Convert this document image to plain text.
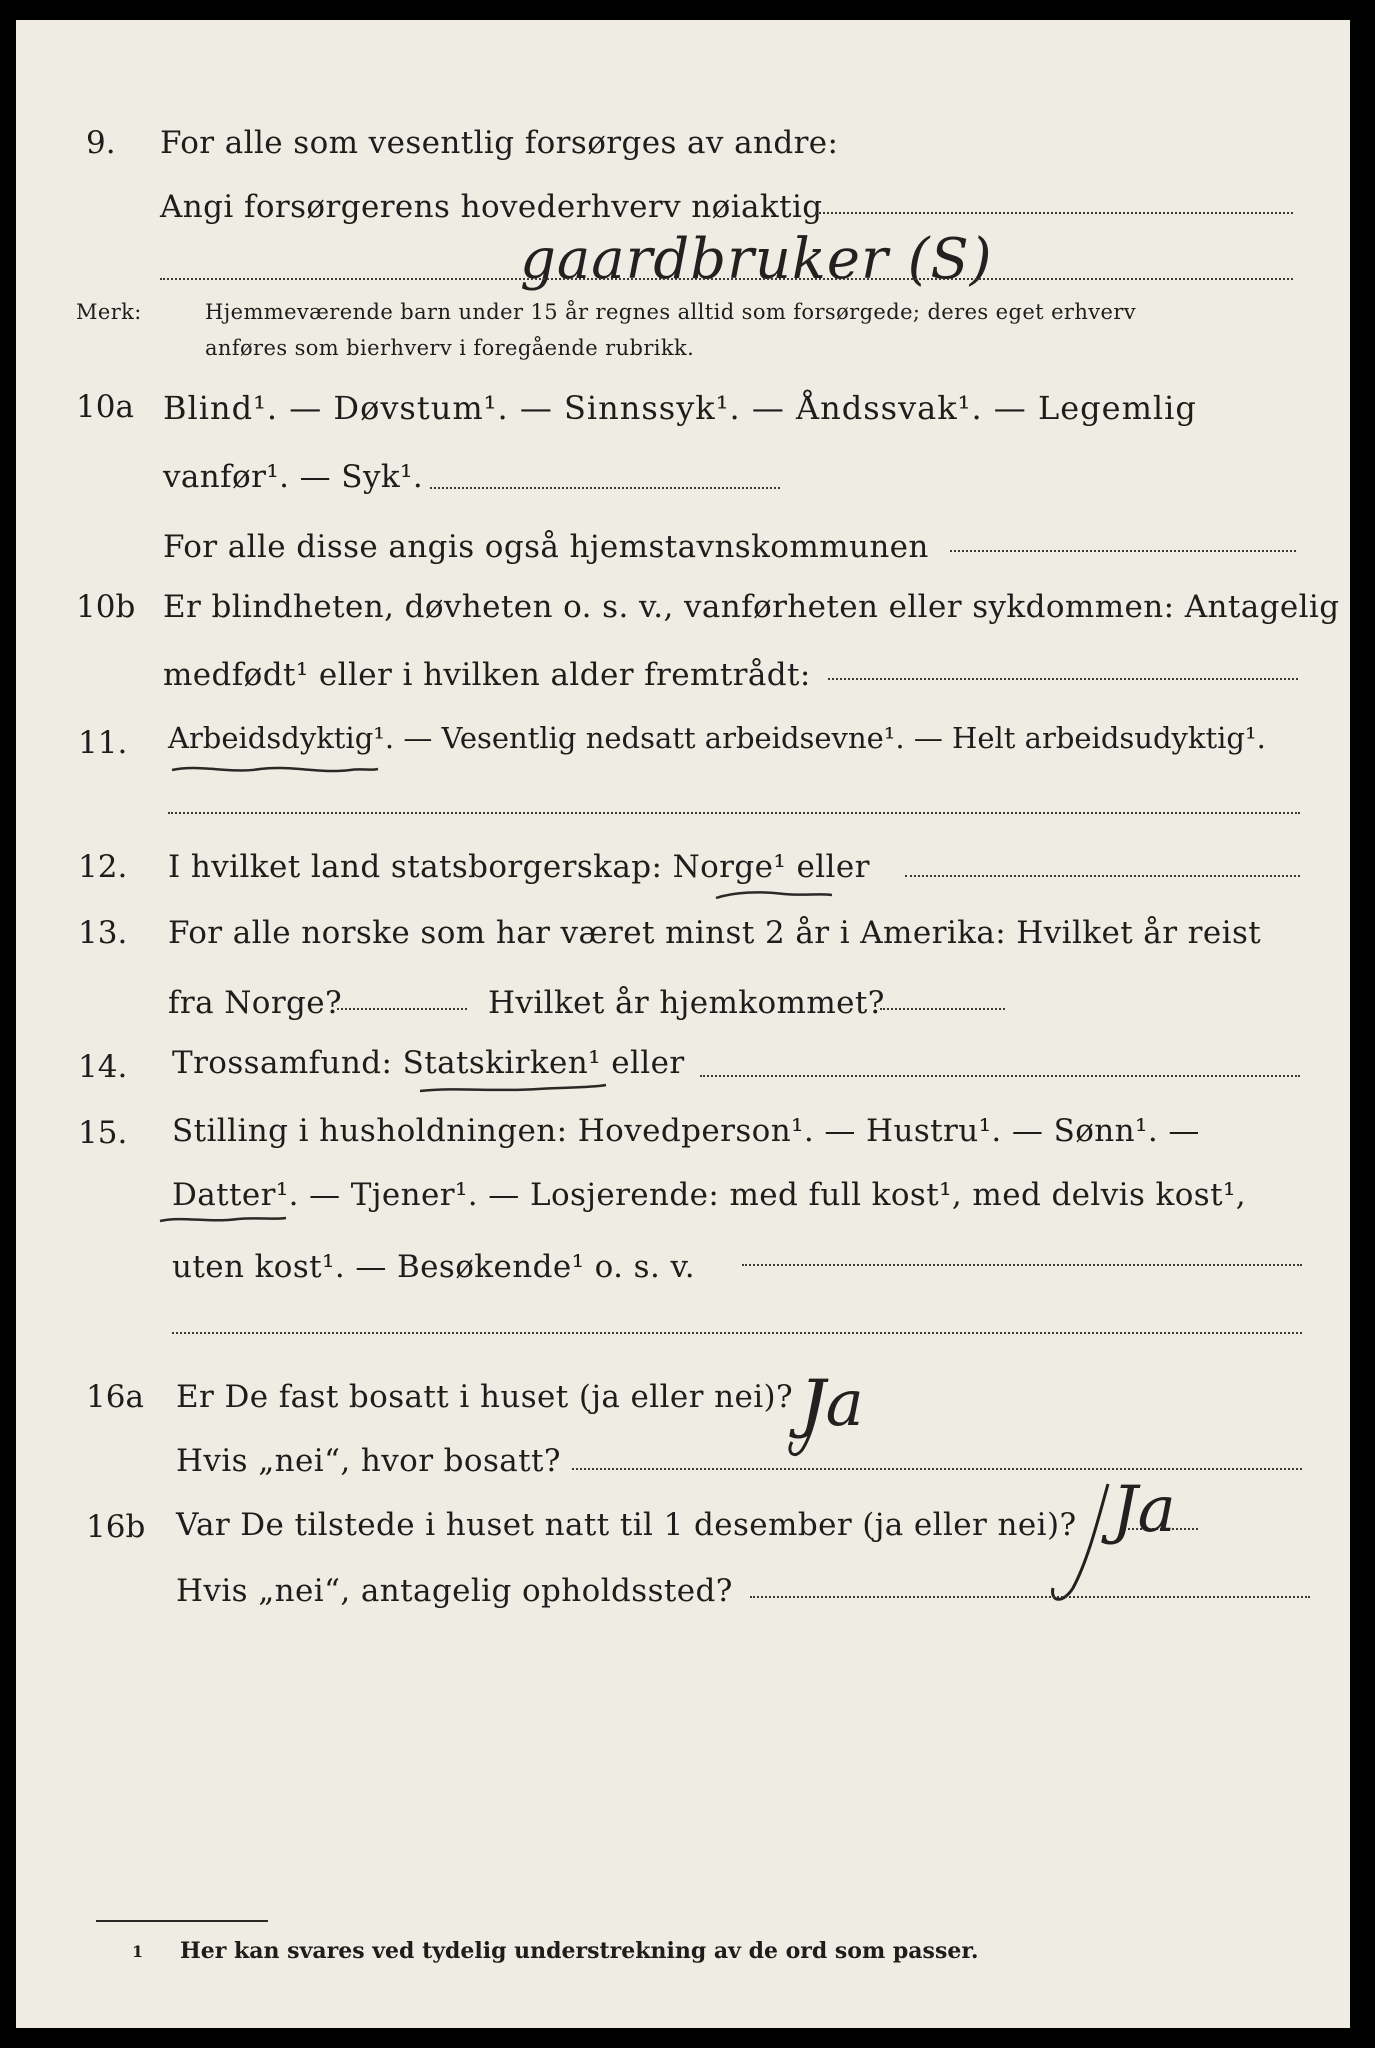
9. For alle som vesentlig forsørges av andre:
Angi forsørgerens hovederhverv nøiaktig
gaardbruker (S)
Merk:	Hjemmeværende barn under 15 år regnes alltid som forsørgede; deres eget erhverv
anføres som bierhverv i foregående rubrikk.
10a Blind¹. — Døvstum¹. — Sinnssyk¹. — Åndssvak¹. — Legemlig
vanfør¹. — Syk¹.
For alle disse angis også hjemstavnskommunen
10b Er blindheten, døvheten o. s. v., vanførheten eller sykdommen: Antagelig
medfødt¹ eller i hvilken alder fremtrådt:
11. Arbeidsdyktig¹. — Vesentlig nedsatt arbeidsevne¹. — Helt arbeidsudyktig¹.
12. I hvilket land statsborgerskap: Norge¹ eller
13. For alle norske som har været minst 2 år i Amerika: Hvilket år reist
fra Norge?	Hvilket år hjemkommet?
14. Trossamfund: Statskirken¹ eller
15. Stilling i husholdningen: Hovedperson¹. — Hustru¹. — Sønn¹. —
Datter¹. — Tjener¹. — Losjerende: med full kost¹, med delvis kost¹,
uten kost¹. — Besøkende¹ o. s. v.
16a Er De fast bosatt i huset (ja eller nei)? Ja
Hvis „nei“, hvor bosatt?
16b Var De tilstede i huset natt til 1 desember (ja eller nei)? Ja
Hvis „nei“, antagelig opholdssted?
1 Her kan svares ved tydelig understrekning av de ord som passer.
